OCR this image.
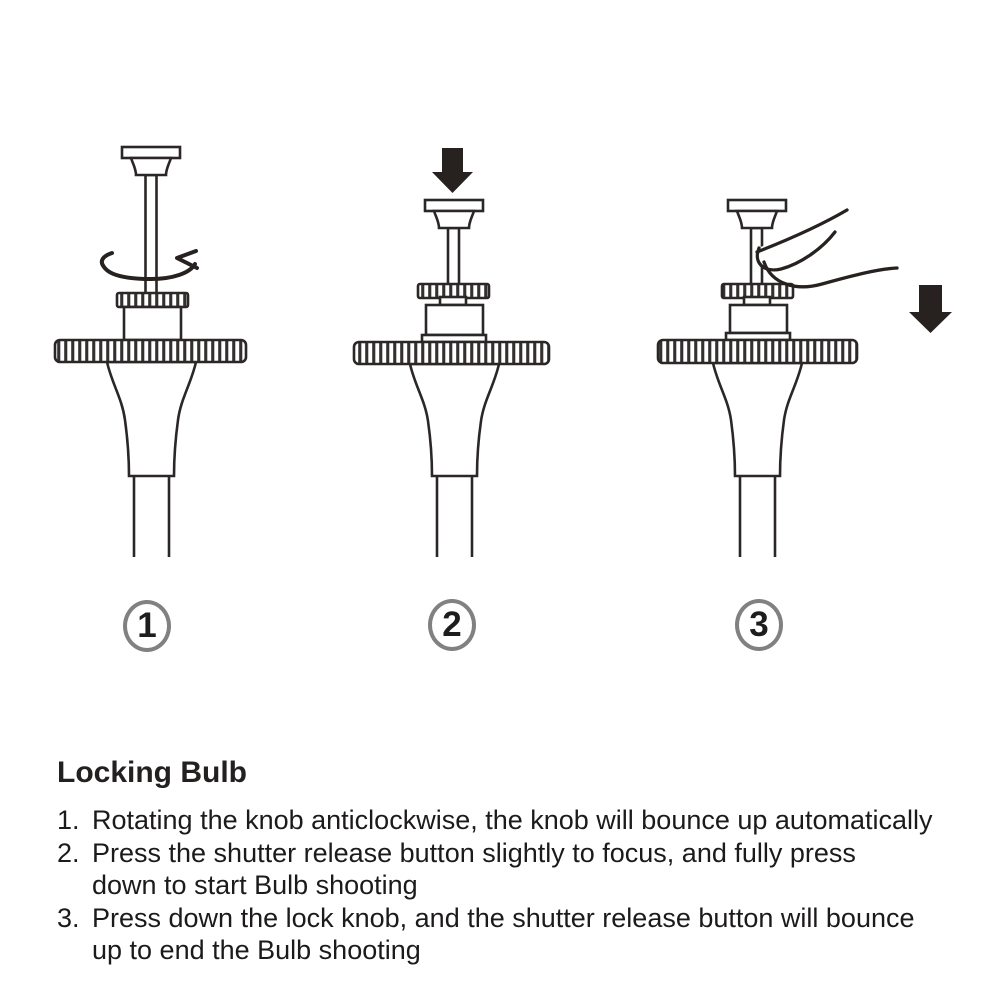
1	2	3
Locking Bulb
1. Rotating the knob anticlockwise, the knob will bounce up automatically
2. Press the shutter release button slightly to focus, and fully press
down to start Bulb shooting
3. Press down the lock knob, and the shutter release button will bounce
up to end the Bulb shooting
